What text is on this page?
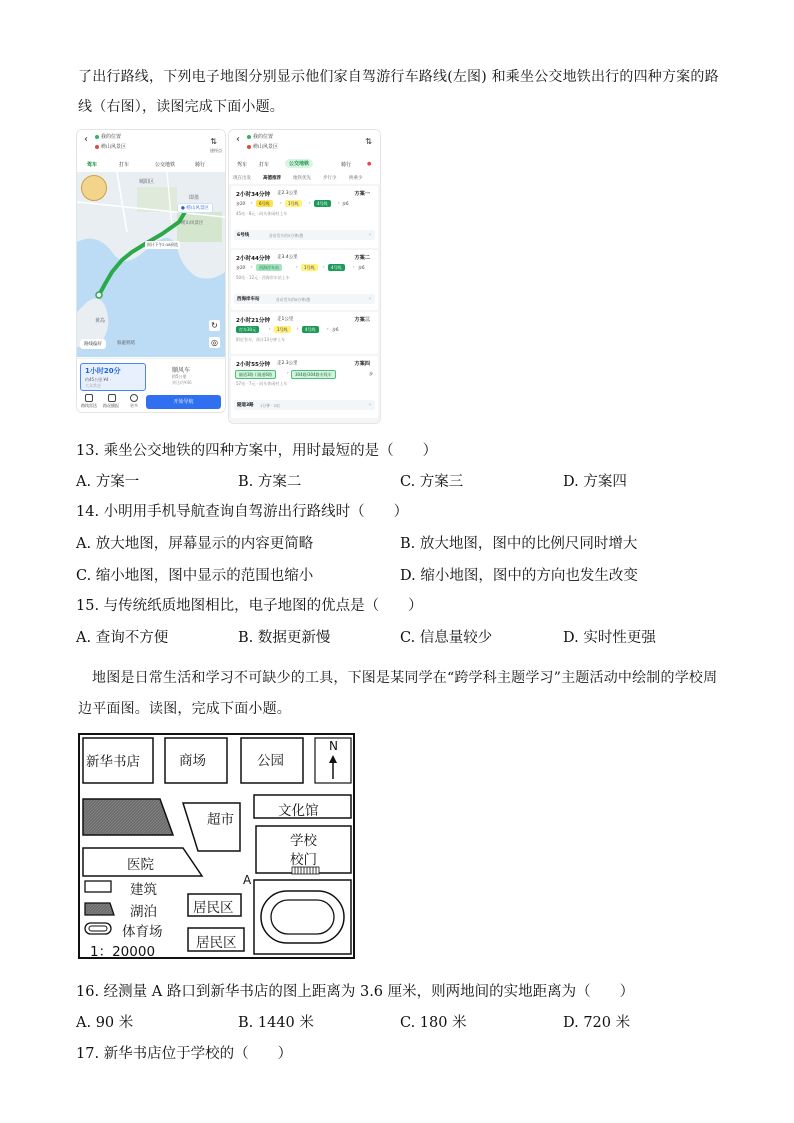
了出行路线，下列电子地图分别显示他们家自驾游行车路线(左图) 和乘坐公交地铁出行的四种方案的路
线（右图），读图完成下面小题。
‹	我的位置
崂山风景区
⇅
途经点
驾车	打车	公交地铁	骑行
城阳区
即墨
黄岛
● 崂山风景区
崂山风景区
预计下午2:18到达
路线偏好	躲避拥堵
↻
◎
1小时20分
约45公里 ¥4 ·
大众常走
顺风车
约5公里
到达约¥46
路线雷达 路况播报	更多
开始导航
‹	我的位置
崂山风景区
⇅
驾车 打车	公交地铁	骑行	●
现在出发	高德推荐	地铁优先	步行少	换乘少
2小时34分钟 走2.3公里	方案一
步20 ›	6号线	›	1号线	›	4号线	› 步6
45站 · 8元 · 码头休闲村上车
6号线	首站发车约5分钟/趟	›
2小时44分钟 走3.4公里	方案二
步20 ›	西海岸车站	›	1号线	›	4号线	› 步6
50站 · 12元 · 西海岸车站上车
西海岸车站	首站发车约8分钟/趟	›
2小时21分钟 走1公里	方案三
打车30元	›	1号线	›	4号线	› 步6
附近有车，预计13分钟上车
2小时55分钟 走2.3公里	方案四
隧道3路 / 隧道6路	›	304路/304路专线车	步
57站 · 7元 · 码头休闲村上车
隧道3路 1分钟 · 2站	›
13. 乘坐公交地铁的四种方案中，用时最短的是（　　）
A. 方案一	B. 方案二	C. 方案三	D. 方案四
14. 小明用手机导航查询自驾游出行路线时（　　）
A. 放大地图，屏幕显示的内容更简略	B. 放大地图，图中的比例尺同时增大
C. 缩小地图，图中显示的范围也缩小	D. 缩小地图，图中的方向也发生改变
15. 与传统纸质地图相比，电子地图的优点是（　　）
A. 查询不方便	B. 数据更新慢	C. 信息量较少	D. 实时性更强
地图是日常生活和学习不可缺少的工具，下图是某同学在“跨学科主题学习”主题活动中绘制的学校周
边平面图。读图，完成下面小题。
新华书店	商场	公园
N
超市
文化馆
学校
校门
医院
A
居民区
居民区
建筑
湖泊
体育场
1：20000
16. 经测量 A 路口到新华书店的图上距离为 3.6 厘米，则两地间的实地距离为（　　）
A. 90 米	B. 1440 米	C. 180 米	D. 720 米
17. 新华书店位于学校的（　　）
